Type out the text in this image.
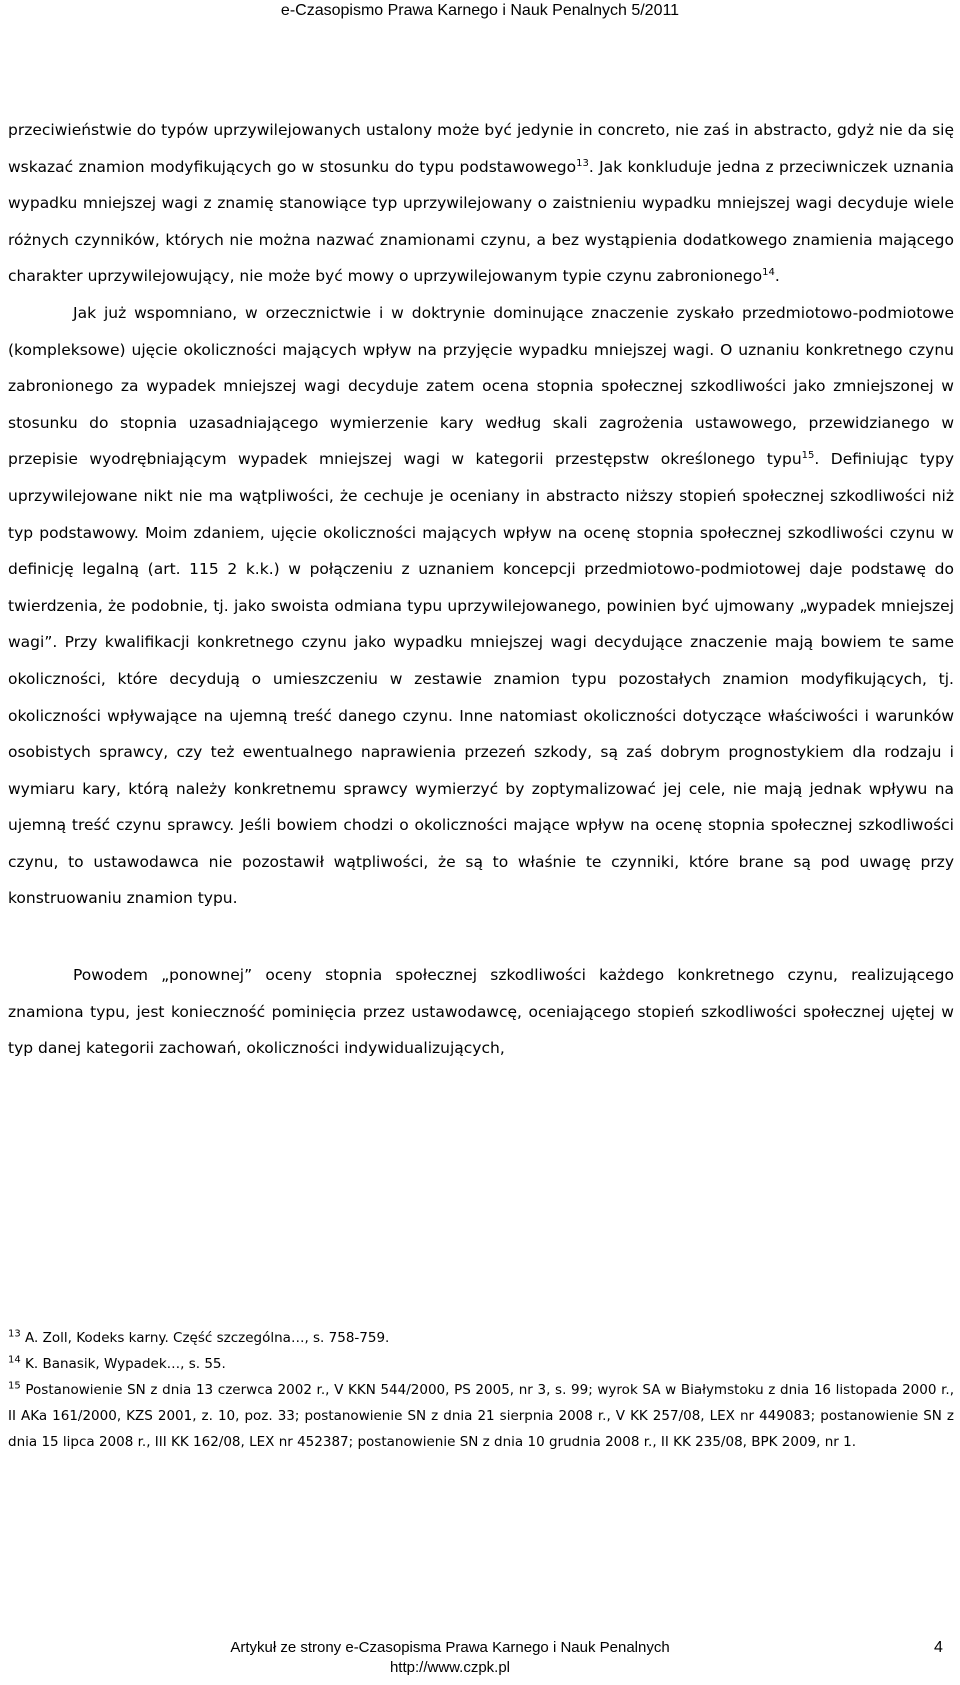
e-Czasopismo Prawa Karnego i Nauk Penalnych 5/2011

przeciwieństwie do typów uprzywilejowanych ustalony może być jedynie in concreto, nie zaś in abstracto, gdyż nie da się wskazać znamion modyfikujących go w stosunku do typu podstawowego$^{13}$. Jak konkluduje jedna z przeciwniczek uznania wypadku mniejszej wagi z znamię stanowiące typ uprzywilejowany o zaistnieniu wypadku mniejszej wagi decyduje wiele różnych czynników, których nie można nazwać znamionami czynu, a bez wystąpienia dodatkowego znamienia mającego charakter uprzywilejowujący, nie może być mowy o uprzywilejowanym typie czynu zabronionego$^{14}$.

Jak już wspomniano, w orzecznictwie i w doktrynie dominujące znaczenie zyskało przedmiotowo-podmiotowe (kompleksowe) ujęcie okoliczności mających wpływ na przyjęcie wypadku mniejszej wagi. O uznaniu konkretnego czynu zabronionego za wypadek mniejszej wagi decyduje zatem ocena stopnia społecznej szkodliwości jako zmniejszonej w stosunku do stopnia uzasadniającego wymierzenie kary według skali zagrożenia ustawowego, przewidzianego w przepisie wyodrębniającym wypadek mniejszej wagi w kategorii przestępstw określonego typu$^{15}$. Definiując typy uprzywilejowane nikt nie ma wątpliwości, że cechuje je oceniany in abstracto niższy stopień społecznej szkodliwości niż typ podstawowy. Moim zdaniem, ujęcie okoliczności mających wpływ na ocenę stopnia społecznej szkodliwości czynu w definicję legalną (art. 115 2 k.k.) w połączeniu z uznaniem koncepcji przedmiotowo-podmiotowej daje podstawę do twierdzenia, że podobnie, tj. jako swoista odmiana typu uprzywilejowanego, powinien być ujmowany „wypadek mniejszej wagi”. Przy kwalifikacji konkretnego czynu jako wypadku mniejszej wagi decydujące znaczenie mają bowiem te same okoliczności, które decydują o umieszczeniu w zestawie znamion typu pozostałych znamion modyfikujących, tj. okoliczności wpływające na ujemną treść danego czynu. Inne natomiast okoliczności dotyczące właściwości i warunków osobistych sprawcy, czy też ewentualnego naprawienia przezeń szkody, są zaś dobrym prognostykiem dla rodzaju i wymiaru kary, którą należy konkretnemu sprawcy wymierzyć by zoptymalizować jej cele, nie mają jednak wpływu na ujemną treść czynu sprawcy. Jeśli bowiem chodzi o okoliczności mające wpływ na ocenę stopnia społecznej szkodliwości czynu, to ustawodawca nie pozostawił wątpliwości, że są to właśnie te czynniki, które brane są pod uwagę przy konstruowaniu znamion typu.

Powodem „ponownej” oceny stopnia społecznej szkodliwości każdego konkretnego czynu, realizującego znamiona typu, jest konieczność pominięcia przez ustawodawcę, oceniającego stopień szkodliwości społecznej ujętej w typ danej kategorii zachowań, okoliczności indywidualizujących,

$^{13}$ A. Zoll, Kodeks karny. Część szczególna…, s. 758-759.

$^{14}$ K. Banasik, Wypadek…, s. 55.

$^{15}$ Postanowienie SN z dnia 13 czerwca 2002 r., V KKN 544/2000, PS 2005, nr 3, s. 99; wyrok SA w Białymstoku z dnia 16 listopada 2000 r., II AKa 161/2000, KZS 2001, z. 10, poz. 33; postanowienie SN z dnia 21 sierpnia 2008 r., V KK 257/08, LEX nr 449083; postanowienie SN z dnia 15 lipca 2008 r., III KK 162/08, LEX nr 452387; postanowienie SN z dnia 10 grudnia 2008 r., II KK 235/08, BPK 2009, nr 1.

Artykuł ze strony e-Czasopisma Prawa Karnego i Nauk Penalnych
http://www.czpk.pl
4
